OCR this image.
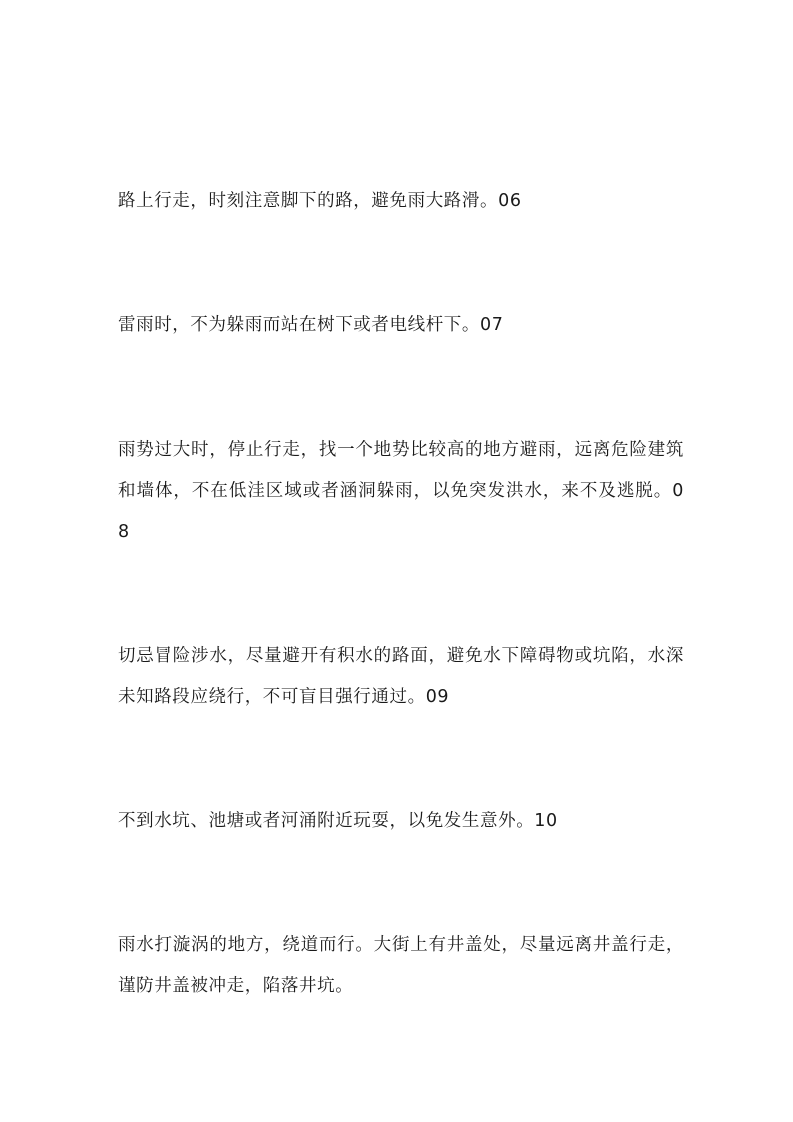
路上行走，时刻注意脚下的路，避免雨大路滑。06

雷雨时，不为躲雨而站在树下或者电线杆下。07

雨势过大时，停止行走，找一个地势比较高的地方避雨，远离危险建筑和墙体，不在低洼区域或者涵洞躲雨，以免突发洪水，来不及逃脱。08

切忌冒险涉水，尽量避开有积水的路面，避免水下障碍物或坑陷，水深未知路段应绕行，不可盲目强行通过。09

不到水坑、池塘或者河涌附近玩耍，以免发生意外。10

雨水打漩涡的地方，绕道而行。大街上有井盖处，尽量远离井盖行走，谨防井盖被冲走，陷落井坑。
